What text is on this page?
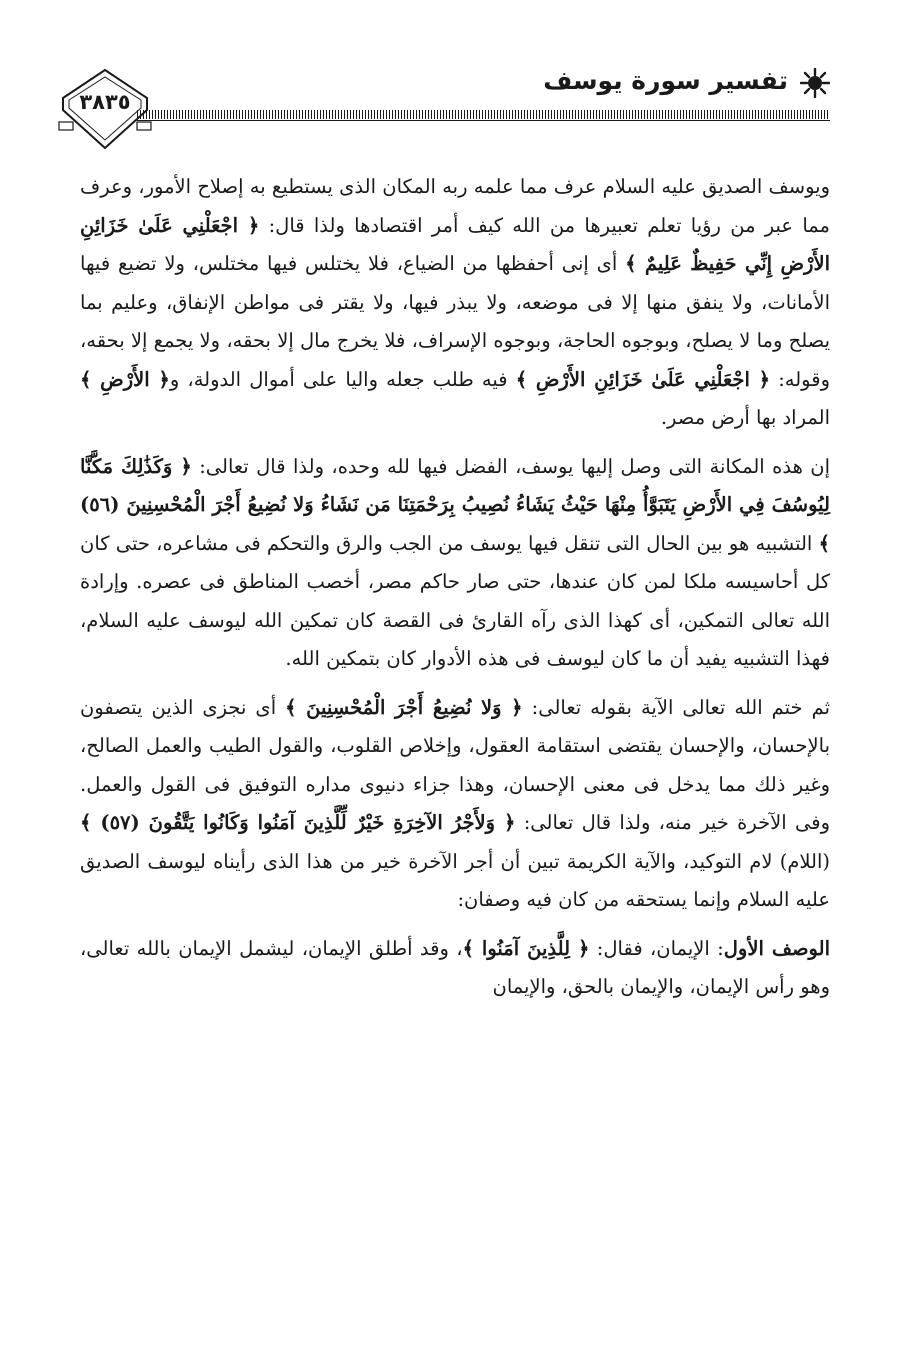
٣٨٣٥
تفسير سورة يوسف

ويوسف الصديق عليه السلام عرف مما علمه ربه المكان الذى يستطيع به إصلاح الأمور، وعرف مما عبر من رؤيا تعلم تعبيرها من الله كيف أمر اقتصادها ولذا قال: ﴿ اجْعَلْنِي عَلَىٰ خَزَائِنِ الأَرْضِ إِنِّي حَفِيظٌ عَلِيمٌ ﴾ أى إنى أحفظها من الضياع، فلا يختلس فيها مختلس، ولا تضيع فيها الأمانات، ولا ينفق منها إلا فى موضعه، ولا يبذر فيها، ولا يقتر فى مواطن الإنفاق، وعليم بما يصلح وما لا يصلح، وبوجوه الحاجة، وبوجوه الإسراف، فلا يخرج مال إلا بحقه، ولا يجمع إلا بحقه، وقوله: ﴿ اجْعَلْنِي عَلَىٰ خَزَائِنِ الأَرْضِ ﴾ فيه طلب جعله واليا على أموال الدولة، و﴿ الأَرْضِ ﴾ المراد بها أرض مصر.

إن هذه المكانة التى وصل إليها يوسف، الفضل فيها لله وحده، ولذا قال تعالى: ﴿ وَكَذَٰلِكَ مَكَّنَّا لِيُوسُفَ فِي الأَرْضِ يَتَبَوَّأُ مِنْهَا حَيْثُ يَشَاءُ نُصِيبُ بِرَحْمَتِنَا مَن نَشَاءُ وَلا نُضِيعُ أَجْرَ الْمُحْسِنِينَ (٥٦) ﴾ التشبيه هو بين الحال التى تنقل فيها يوسف من الجب والرق والتحكم فى مشاعره، حتى كان كل أحاسيسه ملكا لمن كان عندها، حتى صار حاكم مصر، أخصب المناطق فى عصره. وإرادة الله تعالى التمكين، أى كهذا الذى رآه القارئ فى القصة كان تمكين الله ليوسف عليه السلام، فهذا التشبيه يفيد أن ما كان ليوسف فى هذه الأدوار كان بتمكين الله.

ثم ختم الله تعالى الآية بقوله تعالى: ﴿ وَلا نُضِيعُ أَجْرَ الْمُحْسِنِينَ ﴾ أى نجزى الذين يتصفون بالإحسان، والإحسان يقتضى استقامة العقول، وإخلاص القلوب، والقول الطيب والعمل الصالح، وغير ذلك مما يدخل فى معنى الإحسان، وهذا جزاء دنيوى مداره التوفيق فى القول والعمل. وفى الآخرة خير منه، ولذا قال تعالى: ﴿ وَلأَجْرُ الآخِرَةِ خَيْرٌ لِّلَّذِينَ آمَنُوا وَكَانُوا يَتَّقُونَ (٥٧) ﴾ (اللام) لام التوكيد، والآية الكريمة تبين أن أجر الآخرة خير من هذا الذى رأيناه ليوسف الصديق عليه السلام وإنما يستحقه من كان فيه وصفان:

الوصف الأول: الإيمان، فقال: ﴿ لِلَّذِينَ آمَنُوا ﴾، وقد أطلق الإيمان، ليشمل الإيمان بالله تعالى، وهو رأس الإيمان، والإيمان بالحق، والإيمان
